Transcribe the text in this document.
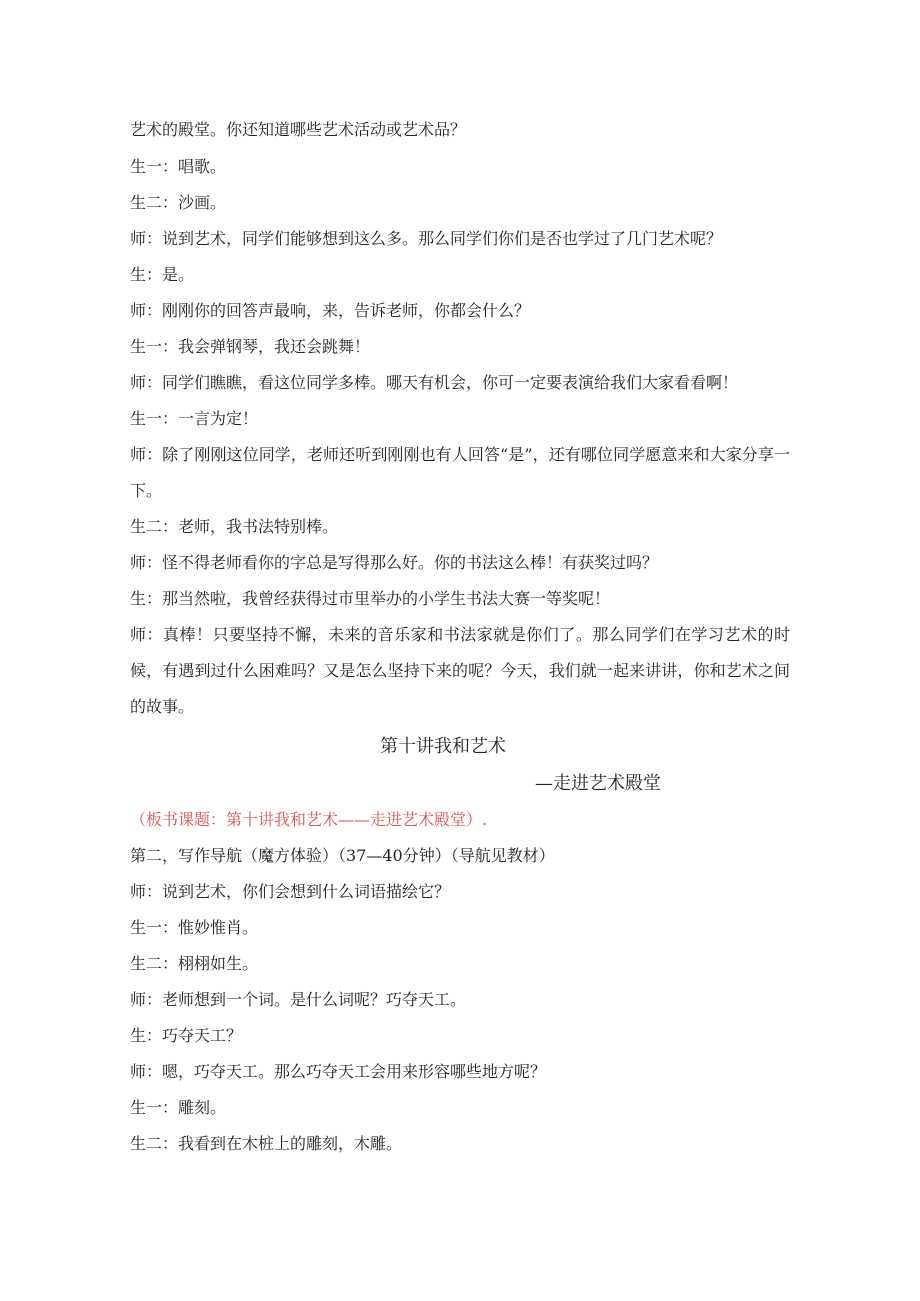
艺术的殿堂。你还知道哪些艺术活动或艺术品？
生一：唱歌。
生二：沙画。
师：说到艺术，同学们能够想到这么多。那么同学们你们是否也学过了几门艺术呢？
生：是。
师：刚刚你的回答声最响，来，告诉老师，你都会什么？
生一：我会弹钢琴，我还会跳舞！
师：同学们瞧瞧，看这位同学多棒。哪天有机会，你可一定要表演给我们大家看看啊！
生一：一言为定！
师：除了刚刚这位同学，老师还听到刚刚也有人回答“是”，还有哪位同学愿意来和大家分享一下。
生二：老师，我书法特别棒。
师：怪不得老师看你的字总是写得那么好。你的书法这么棒！有获奖过吗？
生：那当然啦，我曾经获得过市里举办的小学生书法大赛一等奖呢！
师：真棒！只要坚持不懈，未来的音乐家和书法家就是你们了。那么同学们在学习艺术的时候，有遇到过什么困难吗？又是怎么坚持下来的呢？今天，我们就一起来讲讲，你和艺术之间的故事。
第十讲我和艺术
—走进艺术殿堂
（板书课题：第十讲我和艺术——走进艺术殿堂）.
第二，写作导航（魔方体验）（37—40分钟）（导航见教材）
师：说到艺术，你们会想到什么词语描绘它？
生一：惟妙惟肖。
生二：栩栩如生。
师：老师想到一个词。是什么词呢？巧夺天工。
生：巧夺天工？
师：嗯，巧夺天工。那么巧夺天工会用来形容哪些地方呢？
生一：雕刻。
生二：我看到在木桩上的雕刻，木雕。
